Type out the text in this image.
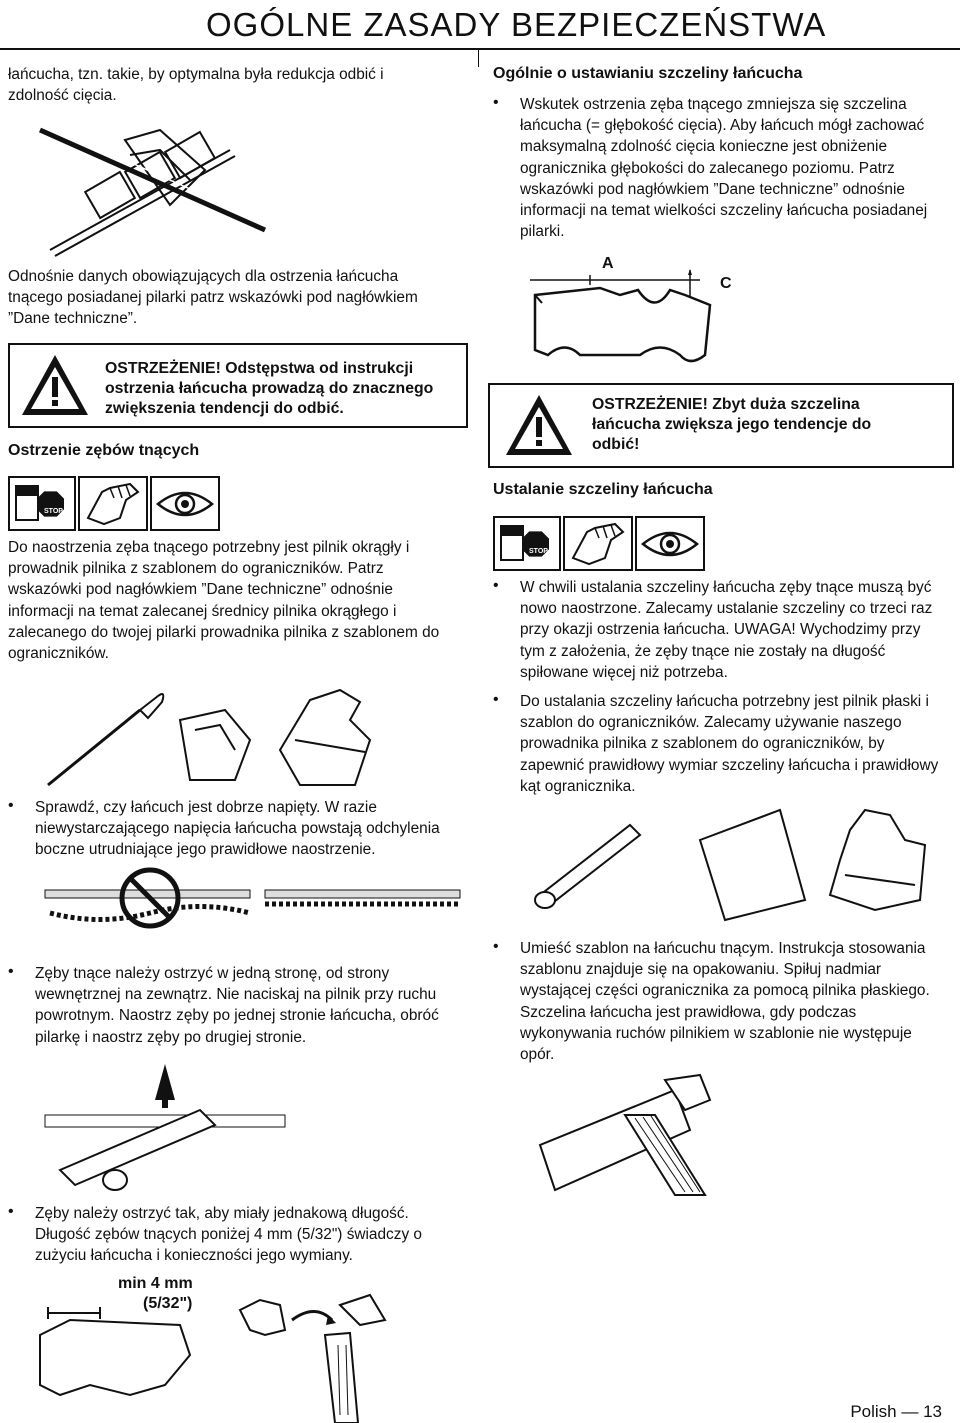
OGÓLNE ZASADY BEZPIECZEŃSTWA

łańcucha, tzn. takie, by optymalna była redukcja odbić i zdolność cięcia.

Odnośnie danych obowiązujących dla ostrzenia łańcucha tnącego posiadanej pilarki patrz wskazówki pod nagłówkiem ”Dane techniczne”.

OSTRZEŻENIE! Odstępstwa od instrukcji ostrzenia łańcucha prowadzą do znacznego zwiększenia tendencji do odbić.
Ostrzenie zębów tnących
STOP

Do naostrzenia zęba tnącego potrzebny jest pilnik okrągły i prowadnik pilnika z szablonem do ograniczników. Patrz wskazówki pod nagłówkiem ”Dane techniczne” odnośnie informacji na temat zalecanej średnicy pilnika okrągłego i zalecanego do twojej pilarki prowadnika pilnika z szablonem do ograniczników.

• Sprawdź, czy łańcuch jest dobrze napięty. W razie niewystarczającego napięcia łańcucha powstają odchylenia boczne utrudniające jego prawidłowe naostrzenie.

• Zęby tnące należy ostrzyć w jedną stronę, od strony wewnętrznej na zewnątrz. Nie naciskaj na pilnik przy ruchu powrotnym. Naostrz zęby po jednej stronie łańcucha, obróć pilarkę i naostrz zęby po drugiej stronie.

• Zęby należy ostrzyć tak, aby miały jednakową długość. Długość zębów tnących poniżej 4 mm (5/32") świadczy o zużyciu łańcucha i konieczności jego wymiany.

min 4 mm
(5/32")
Ogólnie o ustawianiu szczeliny łańcucha
• Wskutek ostrzenia zęba tnącego zmniejsza się szczelina łańcucha (= głębokość cięcia). Aby łańcuch mógł zachować maksymalną zdolność cięcia konieczne jest obniżenie ogranicznika głębokości do zalecanego poziomu. Patrz wskazówki pod nagłówkiem ”Dane techniczne” odnośnie informacji na temat wielkości szczeliny łańcucha posiadanej pilarki.

A
C
OSTRZEŻENIE! Zbyt duża szczelina łańcucha zwiększa jego tendencje do odbić!
Ustalanie szczeliny łańcucha
STOP
• W chwili ustalania szczeliny łańcucha zęby tnące muszą być nowo naostrzone. Zalecamy ustalanie szczeliny co trzeci raz przy okazji ostrzenia łańcucha. UWAGA! Wychodzimy przy tym z założenia, że zęby tnące nie zostały na długość spiłowane więcej niż potrzeba.

• Do ustalania szczeliny łańcucha potrzebny jest pilnik płaski i szablon do ograniczników. Zalecamy używanie naszego prowadnika pilnika z szablonem do ograniczników, by zapewnić prawidłowy wymiar szczeliny łańcucha i prawidłowy kąt ogranicznika.

• Umieść szablon na łańcuchu tnącym. Instrukcja stosowania szablonu znajduje się na opakowaniu. Spiłuj nadmiar wystającej części ogranicznika za pomocą pilnika płaskiego. Szczelina łańcucha jest prawidłowa, gdy podczas wykonywania ruchów pilnikiem w szablonie nie występuje opór.

Polish — 13
